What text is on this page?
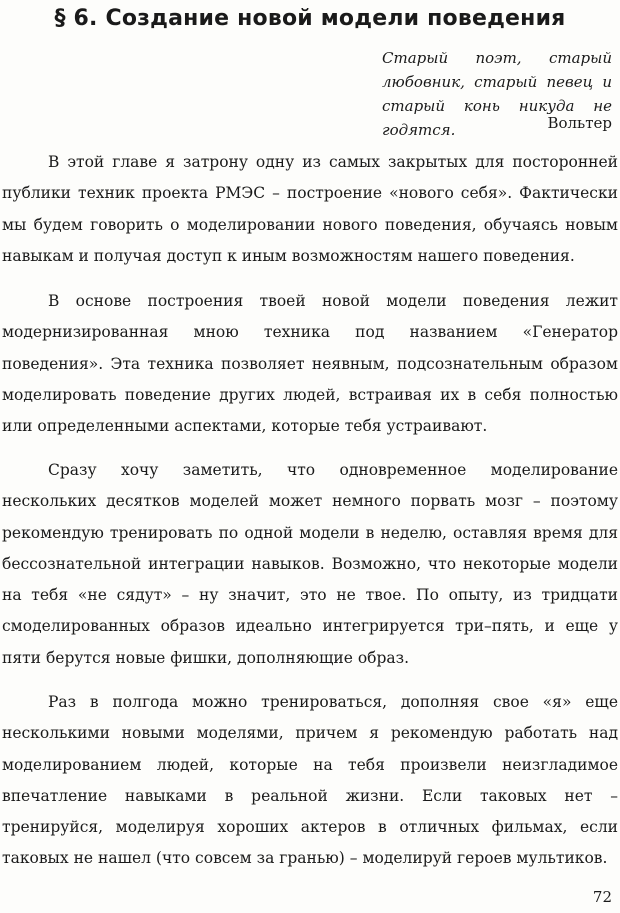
§ 6. Создание новой модели поведения
Старый поэт, старый любовник, старый певец и старый конь никуда не годятся.	Вольтер

В этой главе я затрону одну из самых закрытых для посторонней публики техник проекта РМЭС – построение «нового себя». Фактически мы будем говорить о моделировании нового поведения, обучаясь новым навыкам и получая доступ к иным возможностям нашего поведения.

В основе построения твоей новой модели поведения лежит модернизированная мною техника под названием «Генератор поведения». Эта техника позволяет неявным, подсознательным образом моделировать поведение других людей, встраивая их в себя полностью или определенными аспектами, которые тебя устраивают.

Сразу хочу заметить, что одновременное моделирование нескольких десятков моделей может немного порвать мозг – поэтому рекомендую тренировать по одной модели в неделю, оставляя время для бессознательной интеграции навыков. Возможно, что некоторые модели на тебя «не сядут» – ну значит, это не твое. По опыту, из тридцати смоделированных образов идеально интегрируется три–пять, и еще у пяти берутся новые фишки, дополняющие образ.

Раз в полгода можно тренироваться, дополняя свое «я» еще несколькими новыми моделями, причем я рекомендую работать над моделированием людей, которые на тебя произвели неизгладимое впечатление навыками в реальной жизни. Если таковых нет – тренируйся, моделируя хороших актеров в отличных фильмах, если таковых не нашел (что совсем за гранью) – моделируй героев мультиков.

72
